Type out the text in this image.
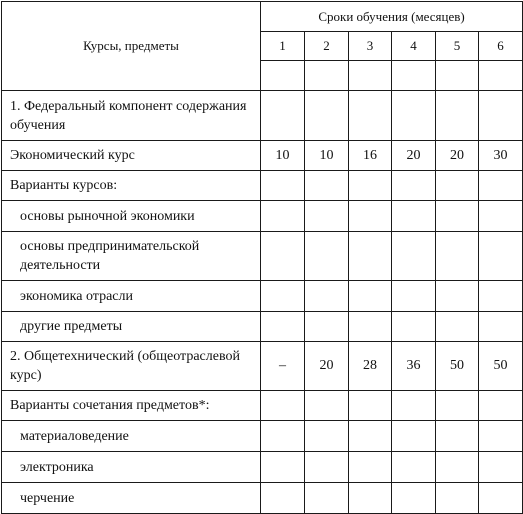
Курсы, предметы	Сроки обучения (месяцев)					
	1	2	3	4	5	6

1. Федеральный компонент содержания обучения						
Экономический курс	10	10	16	20	20	30
Варианты курсов:						
основы рыночной экономики						
основы предпринимательской деятельности						
экономика отрасли						
другие предметы						
2. Общетехнический (общеотраслевой курс)	–	20	28	36	50	50
Варианты сочетания предметов*:						
материаловедение						
электроника						
черчение						
